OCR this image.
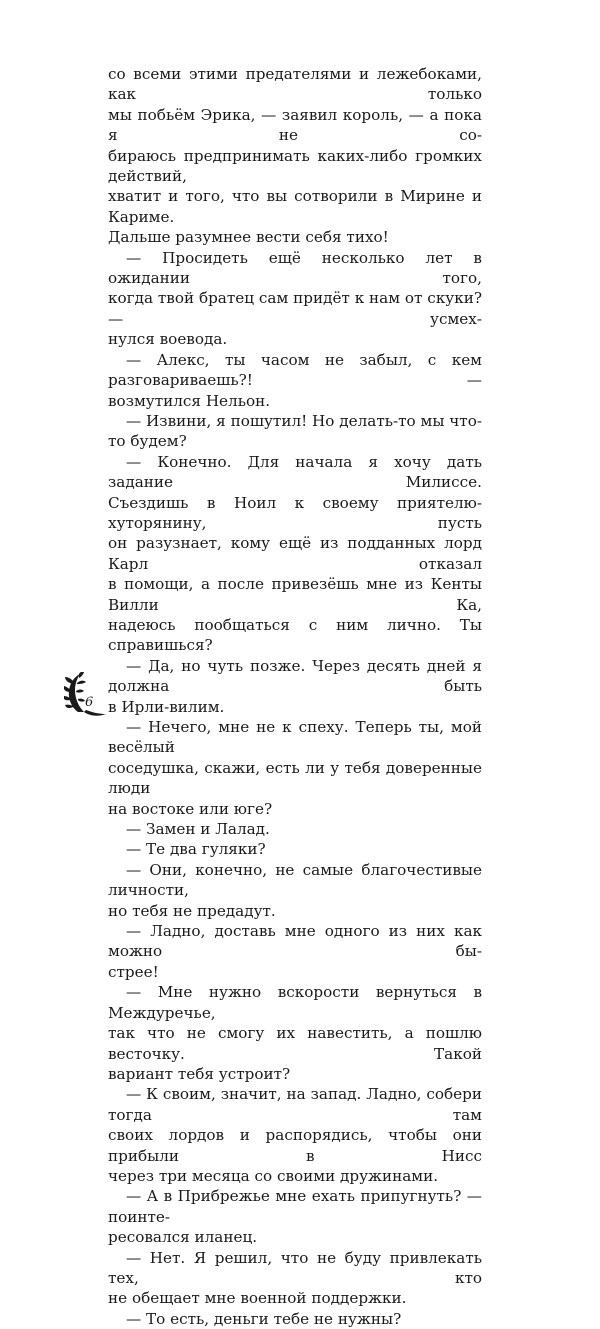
со всеми этими предателями и лежебоками, как только

мы побьём Эрика, — заявил король, — а пока я не со-

бираюсь предпринимать каких-либо громких действий,

хватит и того, что вы сотворили в Мирине и Кариме.

Дальше разумнее вести себя тихо!

— Просидеть ещё несколько лет в ожидании того,

когда твой братец сам придёт к нам от скуки? — усмех-

нулся воевода.

— Алекс, ты часом не забыл, с кем разговариваешь?! —

возмутился Нельон.

— Извини, я пошутил! Но делать-то мы что-то будем?

— Конечно. Для начала я хочу дать задание Милиссе.

Съездишь в Ноил к своему приятелю-хуторянину, пусть

он разузнает, кому ещё из подданных лорд Карл отказал

в помощи, а после привезёшь мне из Кенты Вилли Ка,

надеюсь пообщаться с ним лично. Ты справишься?

— Да, но чуть позже. Через десять дней я должна быть

в Ирли-вилим.

— Нечего, мне не к спеху. Теперь ты, мой весёлый

соседушка, скажи, есть ли у тебя доверенные люди

на востоке или юге?

— Замен и Лалад.

— Те два гуляки?

— Они, конечно, не самые благочестивые личности,

но тебя не предадут.

— Ладно, доставь мне одного из них как можно бы-

стрее!

— Мне нужно вскорости вернуться в Междуречье,

так что не смогу их навестить, а пошлю весточку. Такой

вариант тебя устроит?

— К своим, значит, на запад. Ладно, собери тогда там

своих лордов и распорядись, чтобы они прибыли в Нисс

через три месяца со своими дружинами.

— А в Прибрежье мне ехать припугнуть? — поинте-

ресовался иланец.

— Нет. Я решил, что не буду привлекать тех, кто

не обещает мне военной поддержки.

— То есть, деньги тебе не нужны?

6
